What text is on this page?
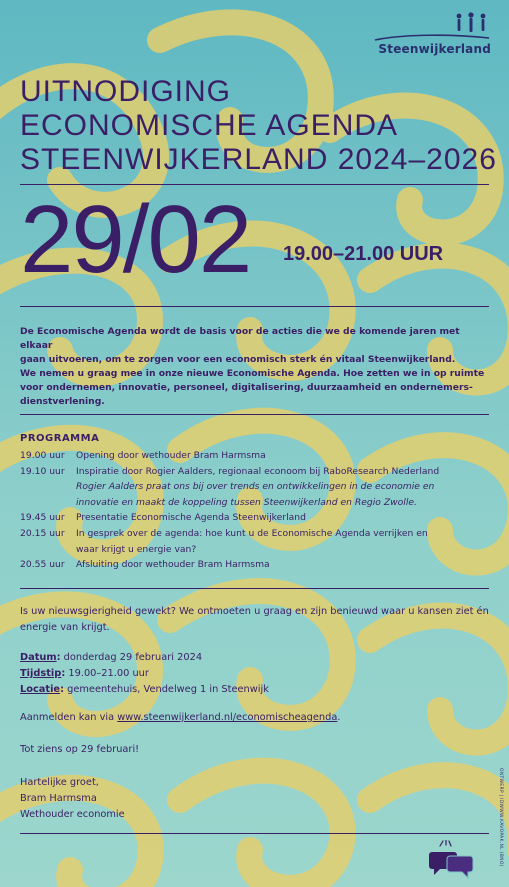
Steenwijkerland
UITNODIGING
ECONOMISCHE AGENDA
STEENWIJKERLAND 2024–2026
29/02 19.00–21.00 UUR
De Economische Agenda wordt de basis voor de acties die we de komende jaren met elkaar
gaan uitvoeren, om te zorgen voor een economisch sterk én vitaal Steenwijkerland.
We nemen u graag mee in onze nieuwe Economische Agenda. Hoe zetten we in op ruimte
voor ondernemen, innovatie, personeel, digitalisering, duurzaamheid en ondernemers-
dienstverlening.
PROGRAMMA
19.00 uur	Opening door wethouder Bram Harmsma
19.10 uur	Inspiratie door Rogier Aalders, regionaal econoom bij RaboResearch Nederland
Rogier Aalders praat ons bij over trends en ontwikkelingen in de economie en
innovatie en maakt de koppeling tussen Steenwijkerland en Regio Zwolle.
19.45 uur	Presentatie Economische Agenda Steenwijkerland
20.15 uur	In gesprek over de agenda: hoe kunt u de Economische Agenda verrijken en
waar krijgt u energie van?
20.55 uur	Afsluiting door wethouder Bram Harmsma
Is uw nieuwsgierigheid gewekt? We ontmoeten u graag en zijn benieuwd waar u kansen ziet én
energie van krijgt.
Datum: donderdag 29 februari 2024
Tijdstip: 19.00–21.00 uur
Locatie: gemeentehuis, Vendelweg 1 in Steenwijk
Aanmelden kan via www.steenwijkerland.nl/economischeagenda.
Tot ziens op 29 februari!
Hartelijke groet,
Bram Harmsma
Wethouder economie	ONTWERP | IDWWW.KAVOPAK.NL (BNO)
